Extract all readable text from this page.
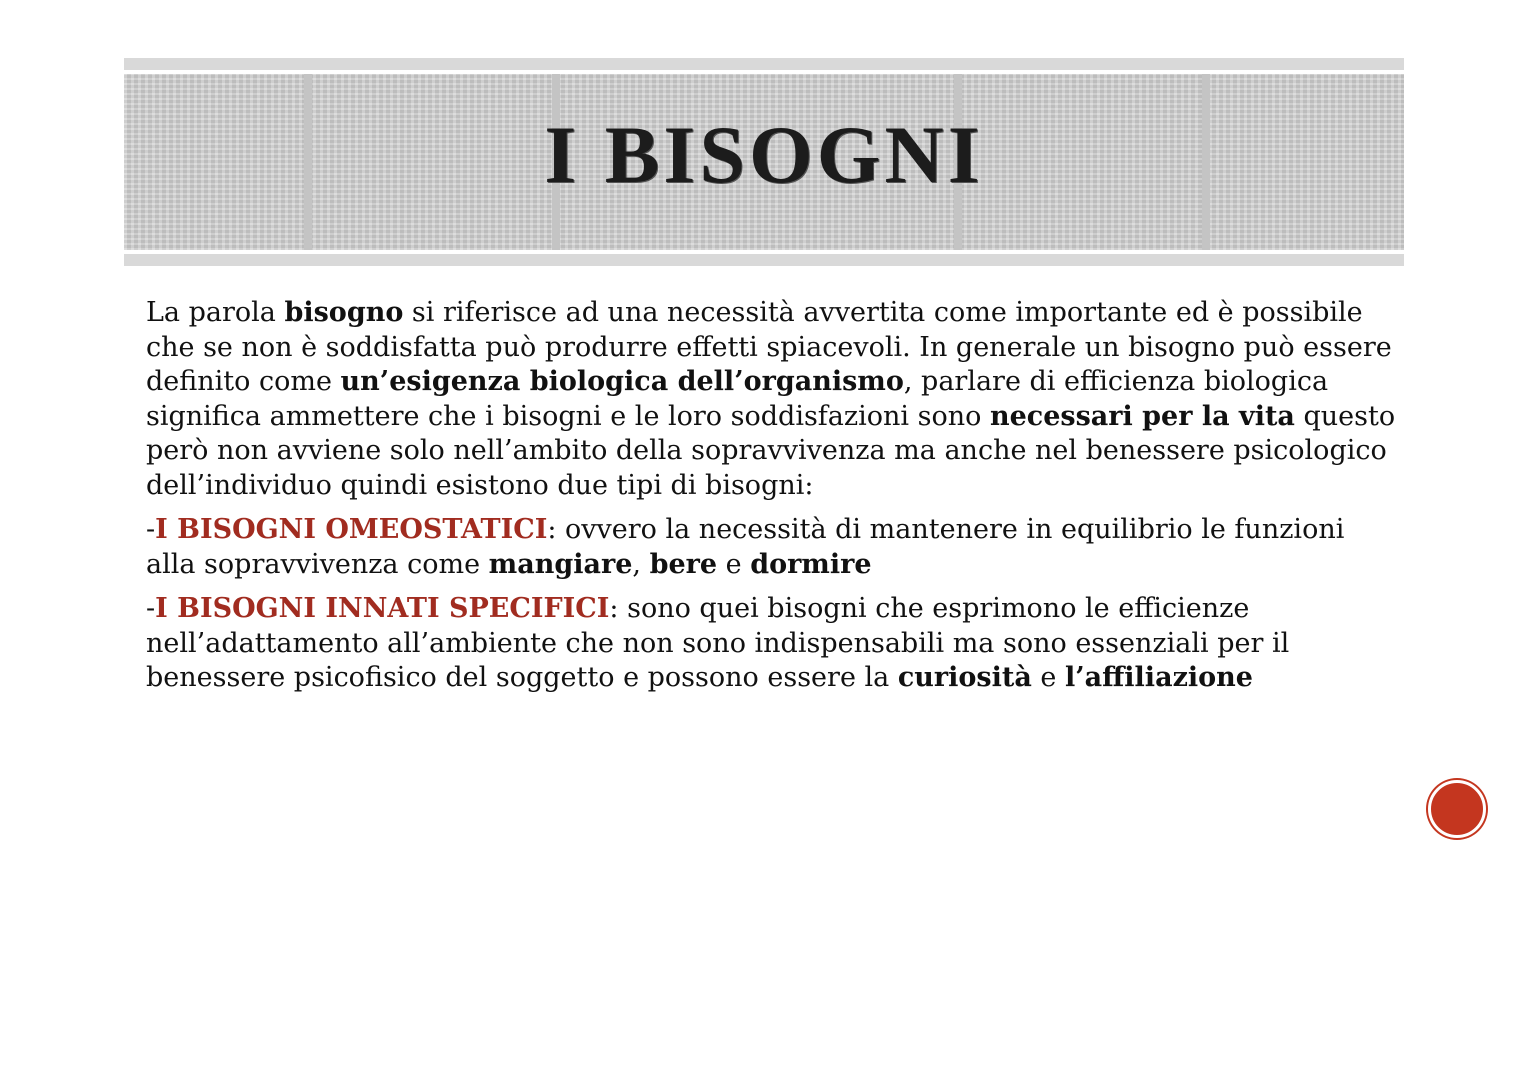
I BISOGNI

La parola bisogno si riferisce ad una necessità avvertita come importante ed è possibile che se non è soddisfatta può produrre effetti spiacevoli. In generale un bisogno può essere definito come un’esigenza biologica dell’organismo, parlare di efficienza biologica significa ammettere che i bisogni e le loro soddisfazioni sono necessari per la vita questo però non avviene solo nell’ambito della sopravvivenza ma anche nel benessere psicologico dell’individuo quindi esistono due tipi di bisogni:

-I BISOGNI OMEOSTATICI: ovvero la necessità di mantenere in equilibrio le funzioni alla sopravvivenza come mangiare, bere e dormire

-I BISOGNI INNATI SPECIFICI: sono quei bisogni che esprimono le efficienze nell’adattamento all’ambiente che non sono indispensabili ma sono essenziali per il benessere psicofisico del soggetto e possono essere la curiosità e l’affiliazione
